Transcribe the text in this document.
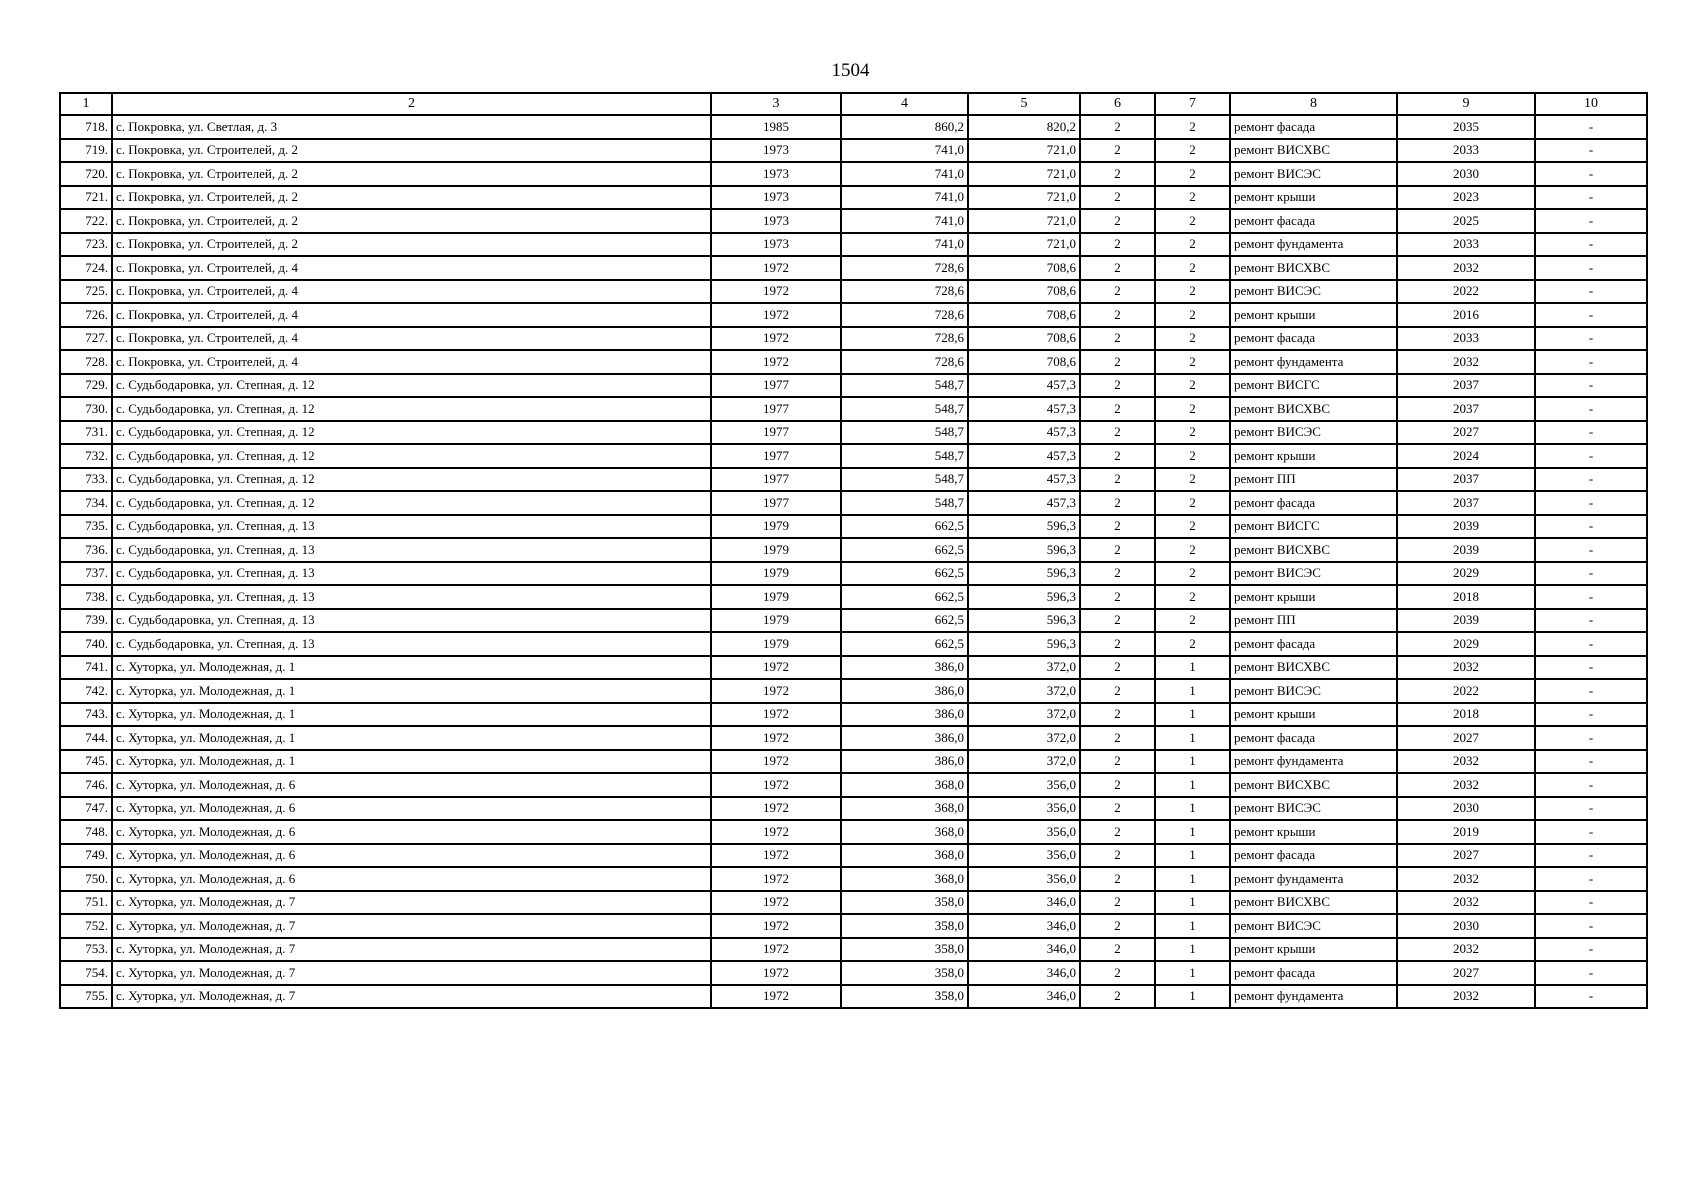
1504
1	2	3	4	5	6	7	8	9	10
718.	с. Покровка, ул. Светлая, д. 3	1985	860,2	820,2	2	2	ремонт фасада	2035	-
719.	с. Покровка, ул. Строителей, д. 2	1973	741,0	721,0	2	2	ремонт ВИСХВС	2033	-
720.	с. Покровка, ул. Строителей, д. 2	1973	741,0	721,0	2	2	ремонт ВИСЭС	2030	-
721.	с. Покровка, ул. Строителей, д. 2	1973	741,0	721,0	2	2	ремонт крыши	2023	-
722.	с. Покровка, ул. Строителей, д. 2	1973	741,0	721,0	2	2	ремонт фасада	2025	-
723.	с. Покровка, ул. Строителей, д. 2	1973	741,0	721,0	2	2	ремонт фундамента	2033	-
724.	с. Покровка, ул. Строителей, д. 4	1972	728,6	708,6	2	2	ремонт ВИСХВС	2032	-
725.	с. Покровка, ул. Строителей, д. 4	1972	728,6	708,6	2	2	ремонт ВИСЭС	2022	-
726.	с. Покровка, ул. Строителей, д. 4	1972	728,6	708,6	2	2	ремонт крыши	2016	-
727.	с. Покровка, ул. Строителей, д. 4	1972	728,6	708,6	2	2	ремонт фасада	2033	-
728.	с. Покровка, ул. Строителей, д. 4	1972	728,6	708,6	2	2	ремонт фундамента	2032	-
729.	с. Судьбодаровка, ул. Степная, д. 12	1977	548,7	457,3	2	2	ремонт ВИСГС	2037	-
730.	с. Судьбодаровка, ул. Степная, д. 12	1977	548,7	457,3	2	2	ремонт ВИСХВС	2037	-
731.	с. Судьбодаровка, ул. Степная, д. 12	1977	548,7	457,3	2	2	ремонт ВИСЭС	2027	-
732.	с. Судьбодаровка, ул. Степная, д. 12	1977	548,7	457,3	2	2	ремонт крыши	2024	-
733.	с. Судьбодаровка, ул. Степная, д. 12	1977	548,7	457,3	2	2	ремонт ПП	2037	-
734.	с. Судьбодаровка, ул. Степная, д. 12	1977	548,7	457,3	2	2	ремонт фасада	2037	-
735.	с. Судьбодаровка, ул. Степная, д. 13	1979	662,5	596,3	2	2	ремонт ВИСГС	2039	-
736.	с. Судьбодаровка, ул. Степная, д. 13	1979	662,5	596,3	2	2	ремонт ВИСХВС	2039	-
737.	с. Судьбодаровка, ул. Степная, д. 13	1979	662,5	596,3	2	2	ремонт ВИСЭС	2029	-
738.	с. Судьбодаровка, ул. Степная, д. 13	1979	662,5	596,3	2	2	ремонт крыши	2018	-
739.	с. Судьбодаровка, ул. Степная, д. 13	1979	662,5	596,3	2	2	ремонт ПП	2039	-
740.	с. Судьбодаровка, ул. Степная, д. 13	1979	662,5	596,3	2	2	ремонт фасада	2029	-
741.	с. Хуторка, ул. Молодежная, д. 1	1972	386,0	372,0	2	1	ремонт ВИСХВС	2032	-
742.	с. Хуторка, ул. Молодежная, д. 1	1972	386,0	372,0	2	1	ремонт ВИСЭС	2022	-
743.	с. Хуторка, ул. Молодежная, д. 1	1972	386,0	372,0	2	1	ремонт крыши	2018	-
744.	с. Хуторка, ул. Молодежная, д. 1	1972	386,0	372,0	2	1	ремонт фасада	2027	-
745.	с. Хуторка, ул. Молодежная, д. 1	1972	386,0	372,0	2	1	ремонт фундамента	2032	-
746.	с. Хуторка, ул. Молодежная, д. 6	1972	368,0	356,0	2	1	ремонт ВИСХВС	2032	-
747.	с. Хуторка, ул. Молодежная, д. 6	1972	368,0	356,0	2	1	ремонт ВИСЭС	2030	-
748.	с. Хуторка, ул. Молодежная, д. 6	1972	368,0	356,0	2	1	ремонт крыши	2019	-
749.	с. Хуторка, ул. Молодежная, д. 6	1972	368,0	356,0	2	1	ремонт фасада	2027	-
750.	с. Хуторка, ул. Молодежная, д. 6	1972	368,0	356,0	2	1	ремонт фундамента	2032	-
751.	с. Хуторка, ул. Молодежная, д. 7	1972	358,0	346,0	2	1	ремонт ВИСХВС	2032	-
752.	с. Хуторка, ул. Молодежная, д. 7	1972	358,0	346,0	2	1	ремонт ВИСЭС	2030	-
753.	с. Хуторка, ул. Молодежная, д. 7	1972	358,0	346,0	2	1	ремонт крыши	2032	-
754.	с. Хуторка, ул. Молодежная, д. 7	1972	358,0	346,0	2	1	ремонт фасада	2027	-
755.	с. Хуторка, ул. Молодежная, д. 7	1972	358,0	346,0	2	1	ремонт фундамента	2032	-
